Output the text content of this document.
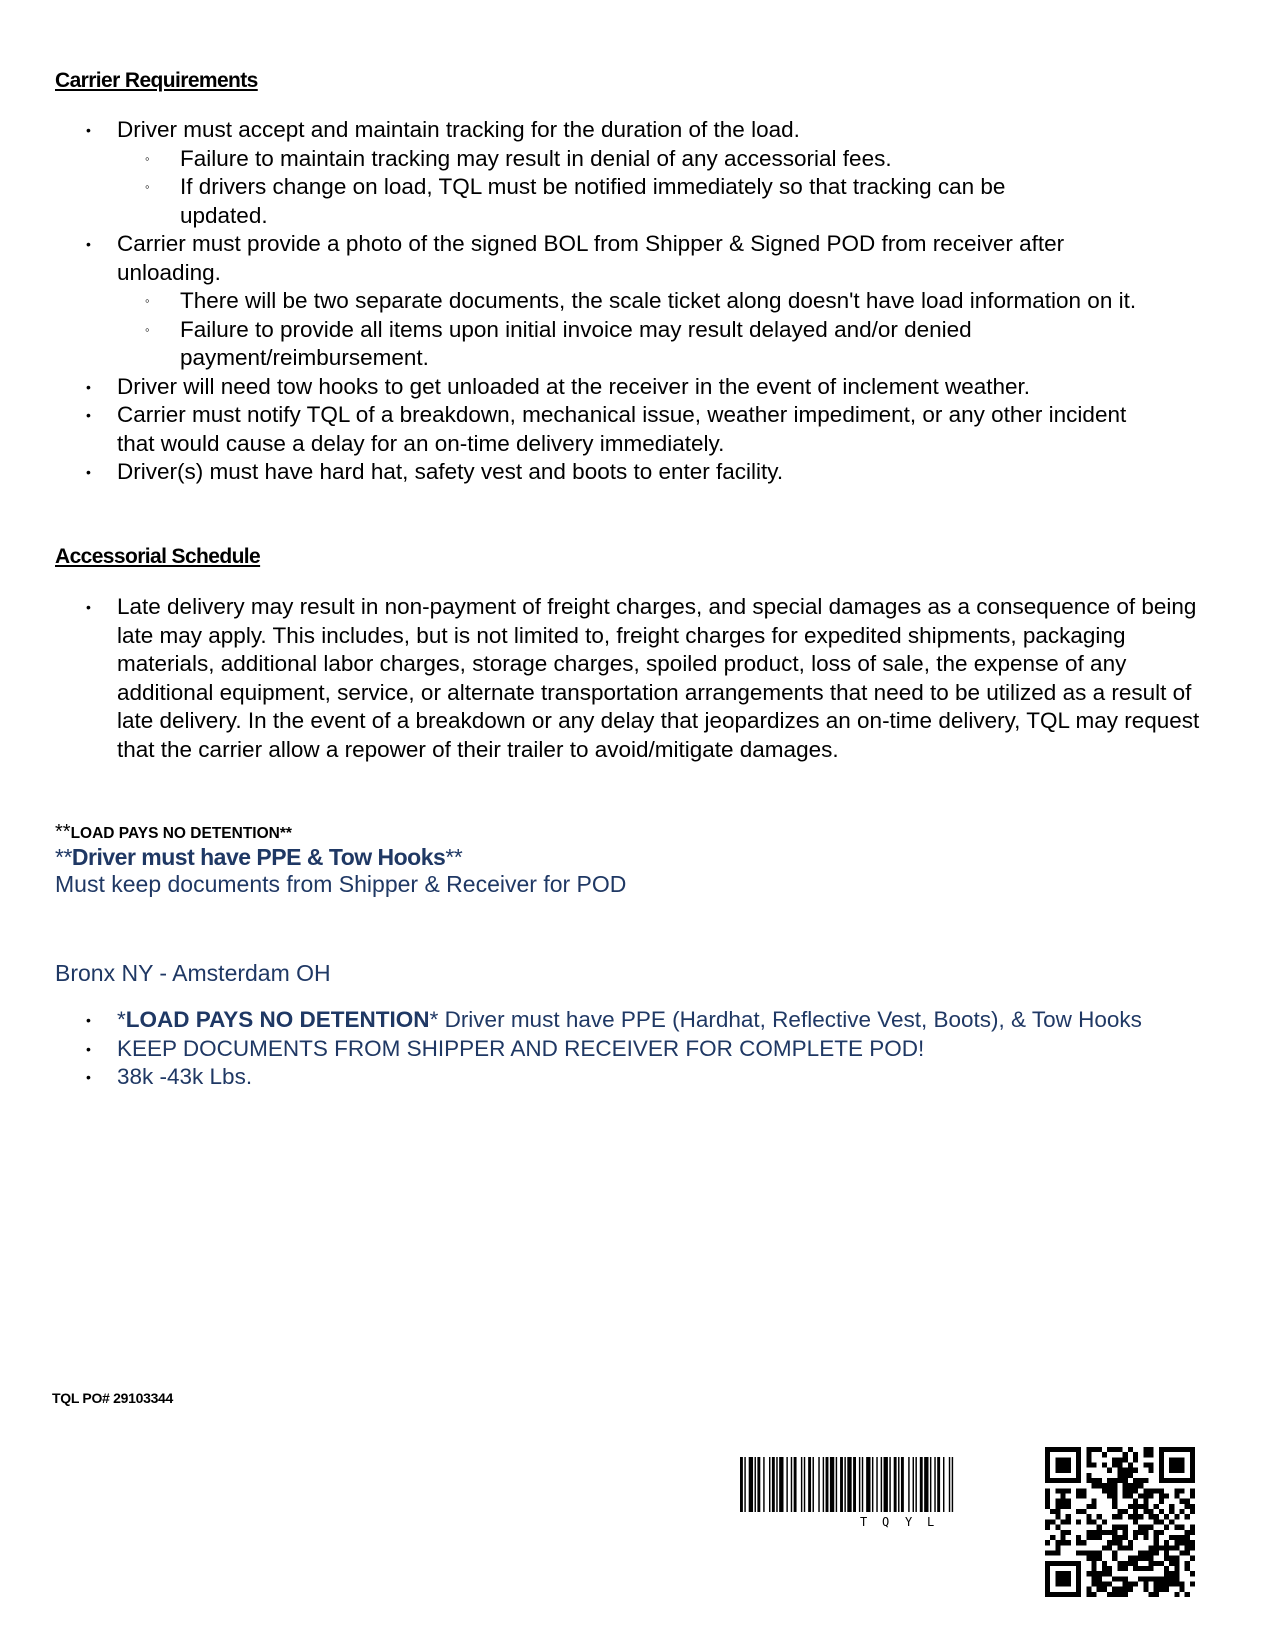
Carrier Requirements
• Driver must accept and maintain tracking for the duration of the load.
◦ Failure to maintain tracking may result in denial of any accessorial fees.
◦ If drivers change on load, TQL must be notified immediately so that tracking can be updated.
• Carrier must provide a photo of the signed BOL from Shipper & Signed POD from receiver after unloading.
◦ There will be two separate documents, the scale ticket along doesn't have load information on it.
◦ Failure to provide all items upon initial invoice may result delayed and/or denied payment/reimbursement.
• Driver will need tow hooks to get unloaded at the receiver in the event of inclement weather.
• Carrier must notify TQL of a breakdown, mechanical issue, weather impediment, or any other incident that would cause a delay for an on-time delivery immediately.
• Driver(s) must have hard hat, safety vest and boots to enter facility.
Accessorial Schedule
• Late delivery may result in non-payment of freight charges, and special damages as a consequence of being late may apply. This includes, but is not limited to, freight charges for expedited shipments, packaging materials, additional labor charges, storage charges, spoiled product, loss of sale, the expense of any additional equipment, service, or alternate transportation arrangements that need to be utilized as a result of late delivery. In the event of a breakdown or any delay that jeopardizes an on-time delivery, TQL may request that the carrier allow a repower of their trailer to avoid/mitigate damages.
**LOAD PAYS NO DETENTION**
**Driver must have PPE & Tow Hooks**
Must keep documents from Shipper & Receiver for POD
Bronx NY - Amsterdam OH
• *LOAD PAYS NO DETENTION* Driver must have PPE (Hardhat, Reflective Vest, Boots), & Tow Hooks
• KEEP DOCUMENTS FROM SHIPPER AND RECEIVER FOR COMPLETE POD!
• 38k -43k Lbs.
TQL PO# 29103344
T Q Y L
